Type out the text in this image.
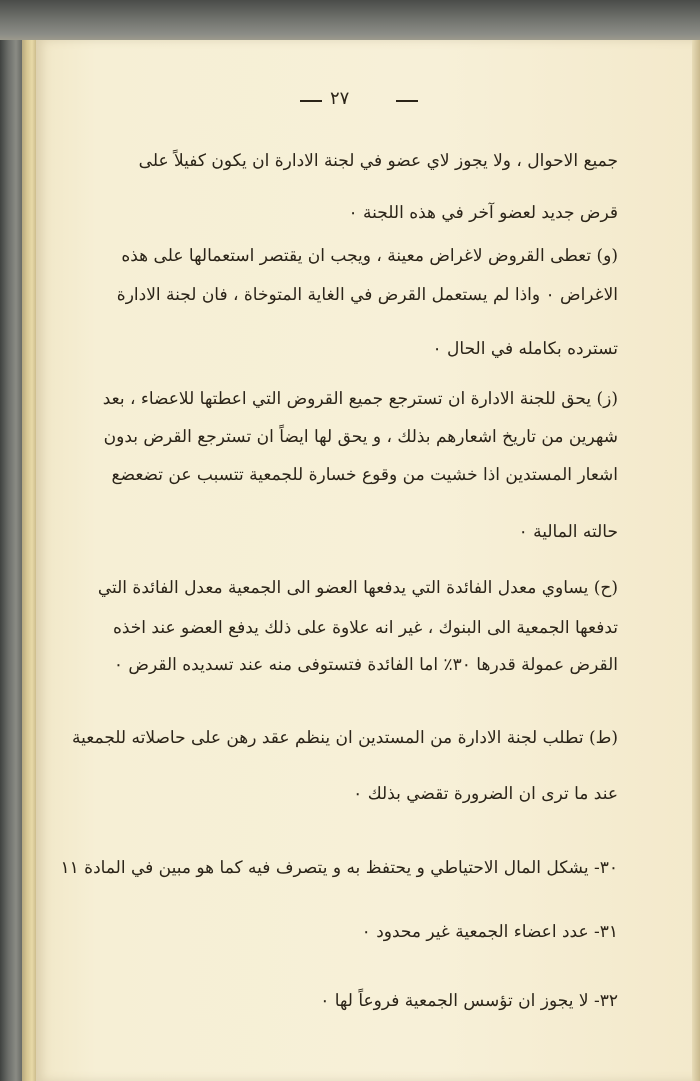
٢٧

جميع الاحوال ، ولا يجوز لاي عضو في لجنة الادارة ان يكون كفيلاً على

قرض جديد لعضو آخر في هذه اللجنة ٠

(و) تعطى القروض لاغراض معينة ، ويجب ان يقتصر استعمالها على هذه

الاغراض ٠ واذا لم يستعمل القرض في الغاية المتوخاة ، فان لجنة الادارة

تسترده بكامله في الحال ٠

(ز) يحق للجنة الادارة ان تسترجع جميع القروض التي اعطتها للاعضاء ، بعد

شهرين من تاريخ اشعارهم بذلك ، و يحق لها ايضاً ان تسترجع القرض بدون

اشعار المستدين اذا خشيت من وقوع خسارة للجمعية تتسبب عن تضعضع

حالته المالية ٠

(ح) يساوي معدل الفائدة التي يدفعها العضو الى الجمعية معدل الفائدة التي

تدفعها الجمعية الى البنوك ، غير انه علاوة على ذلك يدفع العضو عند اخذه

القرض عمولة قدرها ٣٠٪ اما الفائدة فتستوفى منه عند تسديده القرض ٠

(ط) تطلب لجنة الادارة من المستدين ان ينظم عقد رهن على حاصلاته للجمعية

عند ما ترى ان الضرورة تقضي بذلك ٠

٣٠- يشكل المال الاحتياطي و يحتفظ به و يتصرف فيه كما هو مبين في المادة ١١

٣١- عدد اعضاء الجمعية غير محدود ٠

٣٢- لا يجوز ان تؤسس الجمعية فروعاً لها ٠
